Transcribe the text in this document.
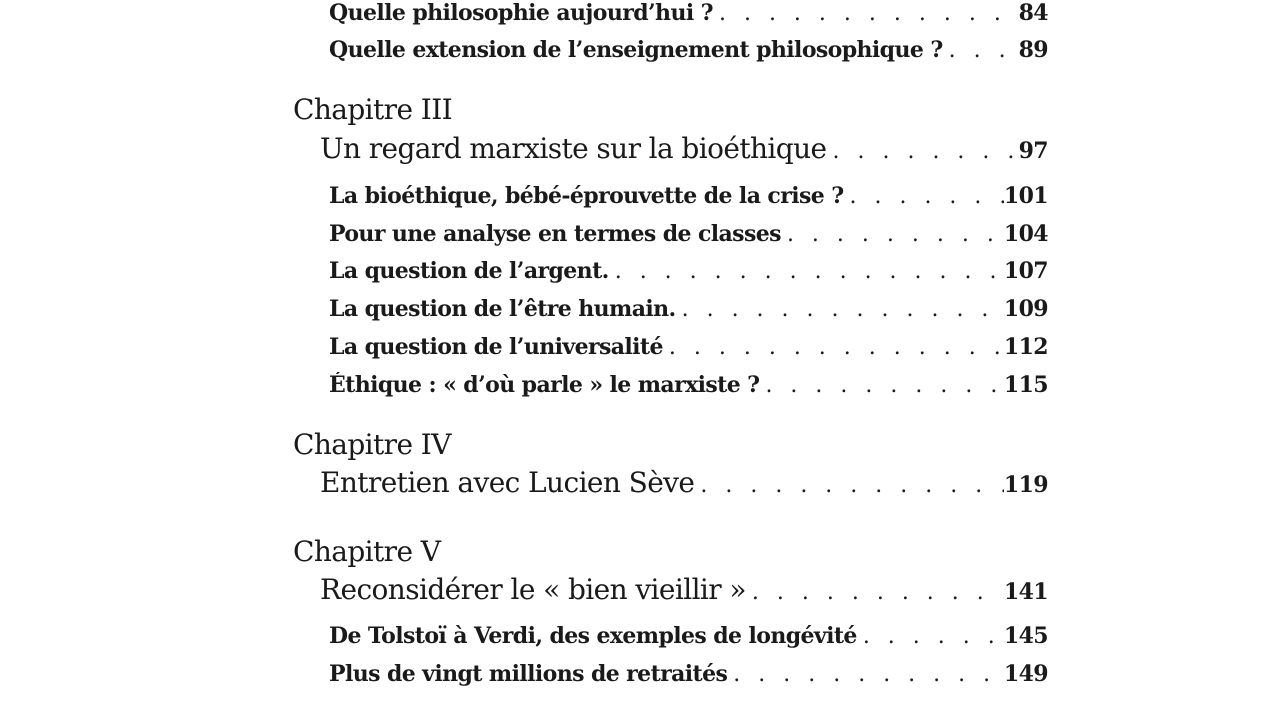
Quelle philosophie aujourd’hui ? . . .	84
Quelle extension de l’enseignement philosophique ? . . .	89
Chapitre III
Un regard marxiste sur la bioéthique . . .	97
La bioéthique, bébé-éprouvette de la crise ? . . .	101
Pour une analyse en termes de classes . . .	104
La question de l’argent. . . .	107
La question de l’être humain. . . .	109
La question de l’universalité . . .	112
Éthique : « d’où parle » le marxiste ? . . .	115
Chapitre IV
Entretien avec Lucien Sève . . .	119
Chapitre V
Reconsidérer le « bien vieillir » . . .	141
De Tolstoï à Verdi, des exemples de longévité . . .	145
Plus de vingt millions de retraités . . .	149
